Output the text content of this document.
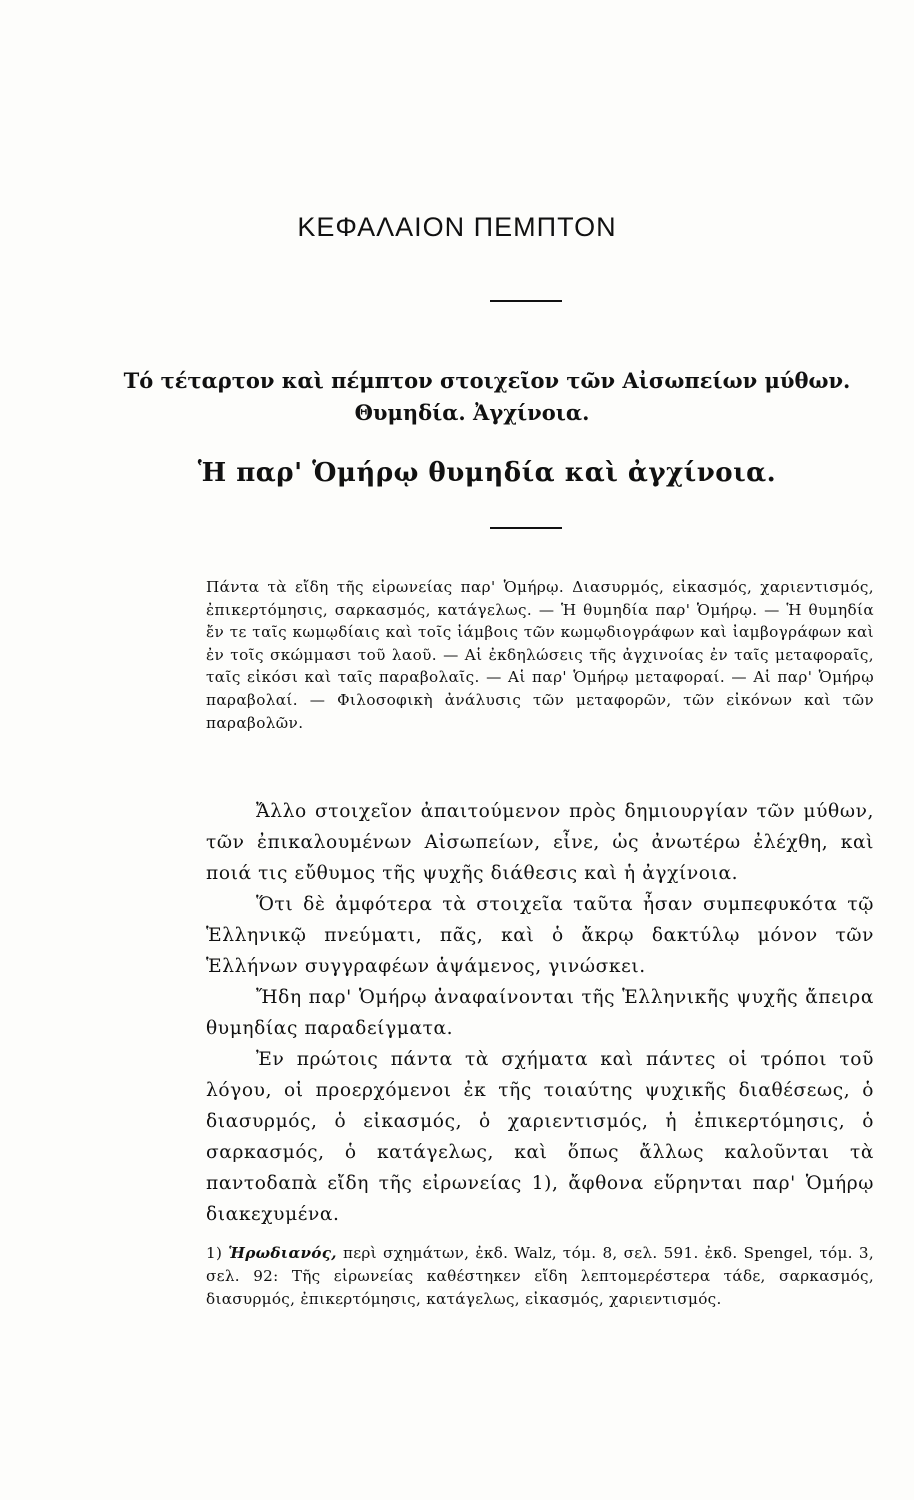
ΚΕΦΑΛΑΙΟΝ ΠΕΜΠΤΟΝ
Τό τέταρτον καὶ πέμπτον στοιχεῖον τῶν Αἰσωπείων μύθων.
Θυμηδία. Ἀγχίνοια.
Ἡ παρ' Ὁμήρῳ θυμηδία καὶ ἀγχίνοια.

Πάντα τὰ εἴδη τῆς εἰρωνείας παρ' Ὁμήρῳ. Διασυρμός, εἰκασμός, χαριεντισμός, ἐπικερτόμησις, σαρκασμός, κατάγελως. — Ἡ θυμηδία παρ' Ὁμήρῳ. — Ἡ θυμηδία ἔν τε ταῖς κωμῳδίαις καὶ τοῖς ἰάμβοις τῶν κωμῳδιογράφων καὶ ἰαμβογράφων καὶ ἐν τοῖς σκώμμασι τοῦ λαοῦ. — Αἱ ἐκδηλώσεις τῆς ἀγχινοίας ἐν ταῖς μεταφοραῖς, ταῖς εἰκόσι καὶ ταῖς παραβολαῖς. — Αἱ παρ' Ὁμήρῳ μεταφοραί. — Αἱ παρ' Ὁμήρῳ παραβολαί. — Φιλοσοφικὴ ἀνάλυσις τῶν μεταφορῶν, τῶν εἰκόνων καὶ τῶν παραβολῶν.

Ἄλλο στοιχεῖον ἀπαιτούμενον πρὸς δημιουργίαν τῶν μύθων, τῶν ἐπικαλουμένων Αἰσωπείων, εἶνε, ὡς ἀνωτέρω ἐλέχθη, καὶ ποιά τις εὔθυμος τῆς ψυχῆς διάθεσις καὶ ἡ ἀγχίνοια.

Ὅτι δὲ ἀμφότερα τὰ στοιχεῖα ταῦτα ἦσαν συμπεφυκότα τῷ Ἑλληνικῷ πνεύματι, πᾶς, καὶ ὁ ἄκρῳ δακτύλῳ μόνον τῶν Ἑλλήνων συγγραφέων ἁψάμενος, γινώσκει.

Ἤδη παρ' Ὁμήρῳ ἀναφαίνονται τῆς Ἑλληνικῆς ψυχῆς ἄπειρα θυμηδίας παραδείγματα.

Ἐν πρώτοις πάντα τὰ σχήματα καὶ πάντες οἱ τρόποι τοῦ λόγου, οἱ προερχόμενοι ἐκ τῆς τοιαύτης ψυχικῆς διαθέσεως, ὁ διασυρμός, ὁ εἰκασμός, ὁ χαριεντισμός, ἡ ἐπικερτόμησις, ὁ σαρκασμός, ὁ κατάγελως, καὶ ὅπως ἄλλως καλοῦνται τὰ παντοδαπὰ εἴδη τῆς εἰρωνείας 1), ἄφθονα εὕρηνται παρ' Ὁμήρῳ διακεχυμένα.

1) Ἡρωδιανός, περὶ σχημάτων, ἐκδ. Walz, τόμ. 8, σελ. 591. ἐκδ. Spengel, τόμ. 3, σελ. 92: Τῆς εἰρωνείας καθέστηκεν εἴδη λεπτομερέστερα τάδε, σαρκασμός, διασυρμός, ἐπικερτόμησις, κατάγελως, εἰκασμός, χαριεντισμός.
